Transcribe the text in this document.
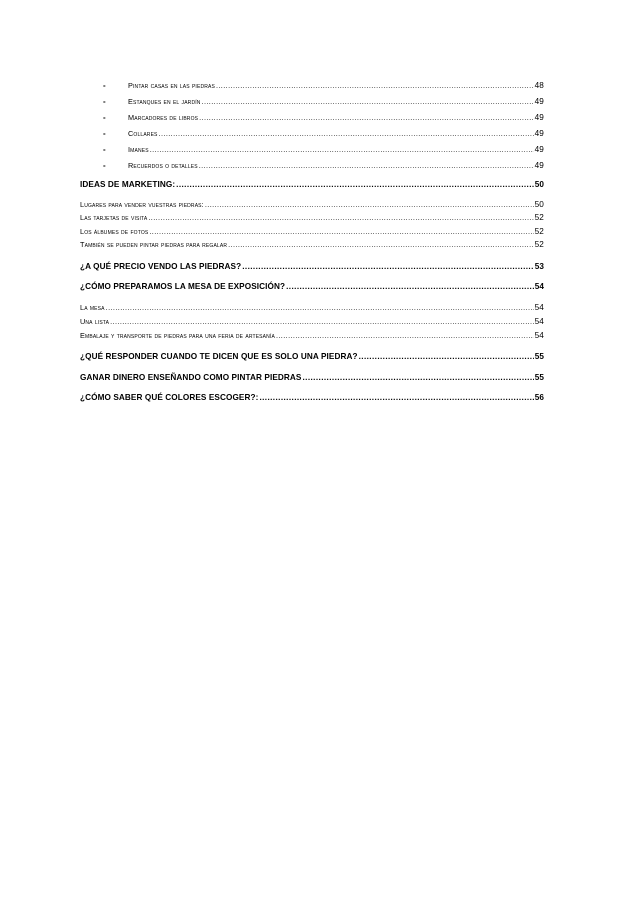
-	Pintar casas en las piedras .....	48
-	Estanques en el jardín .....	49
-	Marcadores de libros .....	49
-	Collares .....	49
-	Imanes .....	49
-	Recuerdos o detalles .....	49
IDEAS DE MARKETING: .....	50
Lugares para vender vuestras piedras: .....	50
Las tarjetas de visita .....	52
Los álbumes de fotos .....	52
También se pueden pintar piedras para regalar .....	52
¿A QUÉ PRECIO VENDO LAS PIEDRAS? .....	53
¿CÓMO PREPARAMOS LA MESA DE EXPOSICIÓN? .....	54
La mesa .....	54
Una lista .....	54
Embalaje y transporte de piedras para una feria de artesanía .....	54
¿QUÉ RESPONDER CUANDO TE DICEN QUE ES SOLO UNA PIEDRA? .....	55
GANAR DINERO ENSEÑANDO COMO PINTAR PIEDRAS .....	55
¿CÓMO SABER QUÉ COLORES ESCOGER?: .....	56
